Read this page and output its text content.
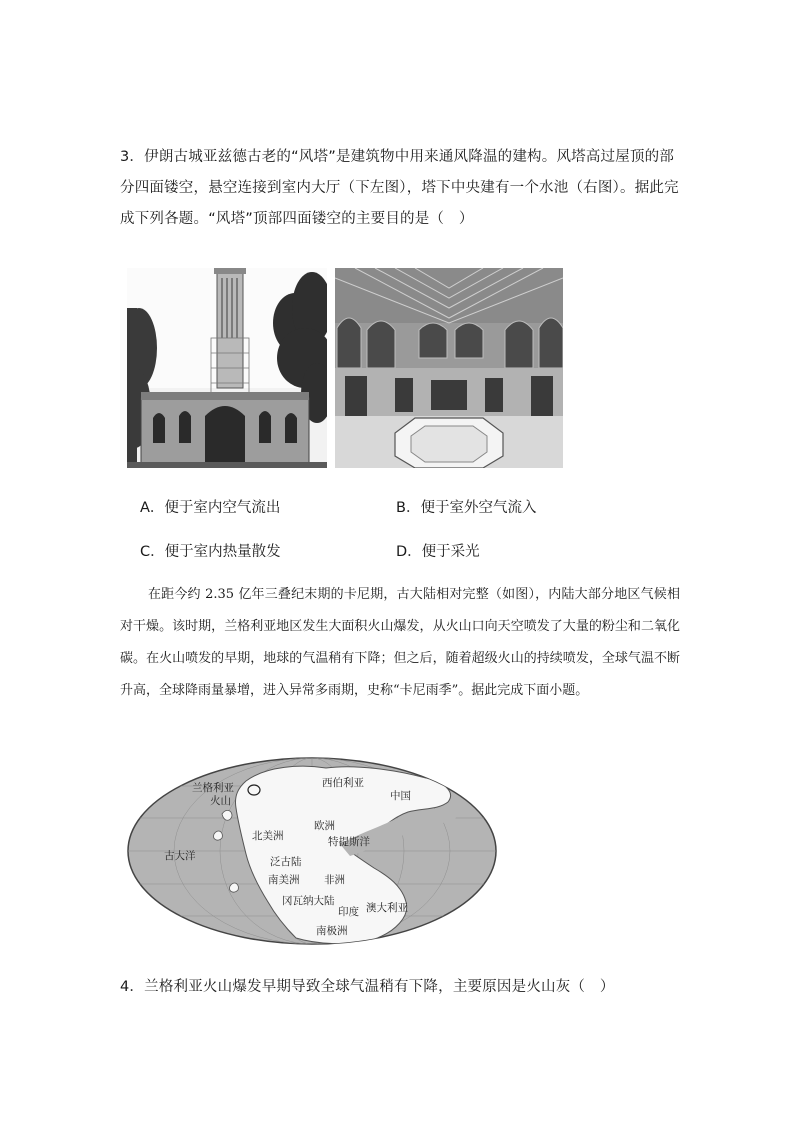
3．伊朗古城亚兹德古老的“风塔”是建筑物中用来通风降温的建构。风塔高过屋顶的部分四面镂空，悬空连接到室内大厅（下左图），塔下中央建有一个水池（右图）。据此完成下列各题。“风塔”顶部四面镂空的主要目的是（　）
A．便于室内空气流出	B．便于室外空气流入
C．便于室内热量散发	D．便于采光
在距今约 2.35 亿年三叠纪末期的卡尼期，古大陆相对完整（如图），内陆大部分地区气候相对干燥。该时期，兰格利亚地区发生大面积火山爆发，从火山口向天空喷发了大量的粉尘和二氧化碳。在火山喷发的早期，地球的气温稍有下降；但之后，随着超级火山的持续喷发，全球气温不断升高，全球降雨量暴增，进入异常多雨期，史称“卡尼雨季”。据此完成下面小题。
兰格利亚
火山
西伯利亚
中国
欧洲
北美洲	特提斯洋
古大洋	泛古陆
南美洲 非洲
冈瓦纳大陆
印度 澳大利亚
南极洲
4．兰格利亚火山爆发早期导致全球气温稍有下降，主要原因是火山灰（　）
